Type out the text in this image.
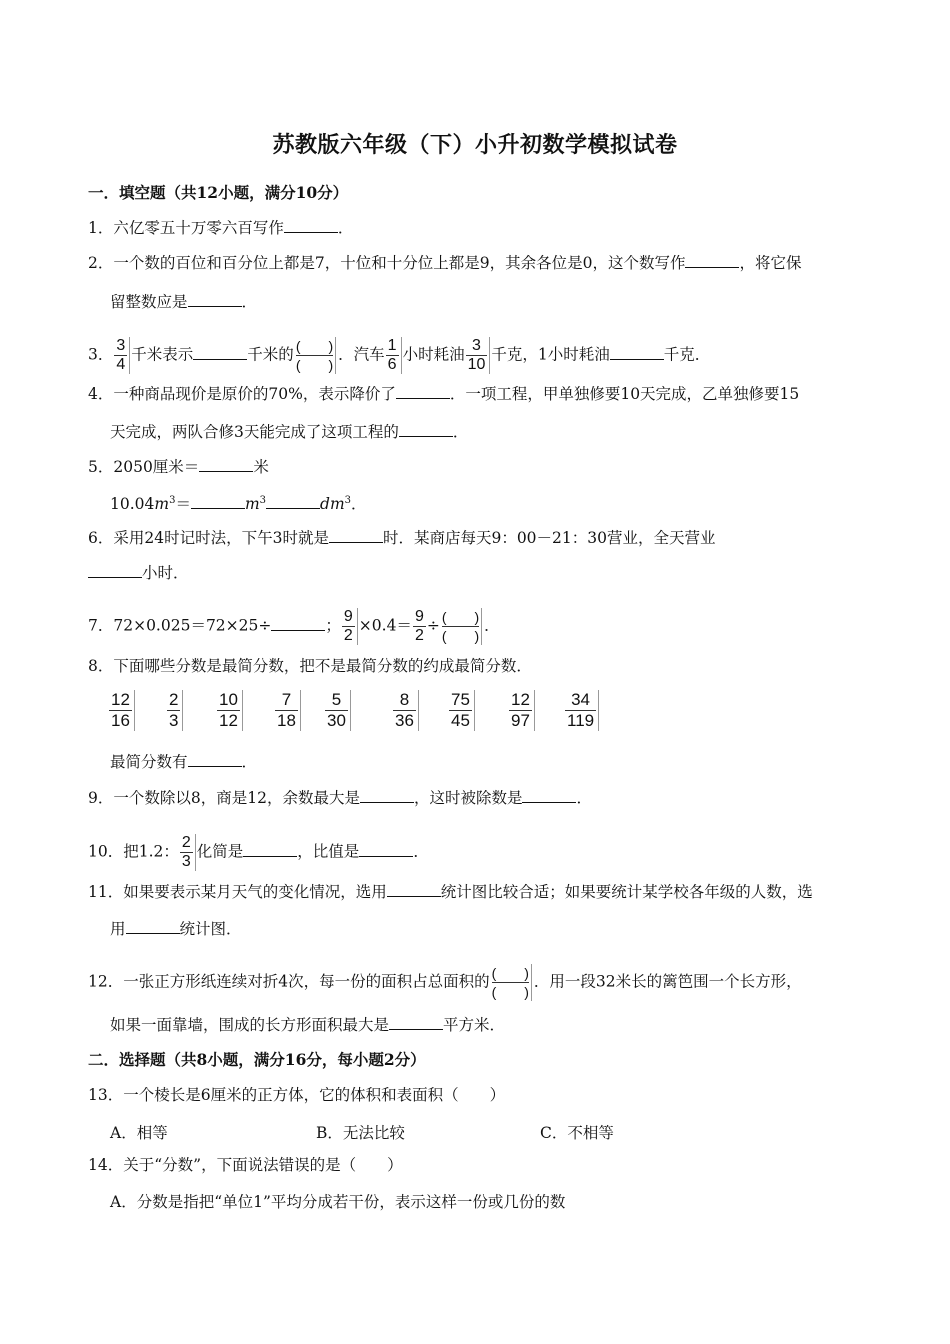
苏教版六年级（下）小升初数学模拟试卷
一．填空题（共12小题，满分10分）
1．六亿零五十万零六百写作	．
2．一个数的百位和百分位上都是7，十位和十分位上都是9，其余各位是0，这个数写作	，将它保
留整数应是	．
3． $\frac{3}{4}$ 千米表示	千米的 (　　)
(　　)
．汽车 $\frac{1}{6}$ 小时耗油 $\frac{3}{10}$ 千克，1小时耗油	千克．
4．一种商品现价是原价的70%，表示降价了	．一项工程，甲单独修要10天完成，乙单独修要15
天完成，两队合修3天能完成了这项工程的	．
5．2050厘米＝	米
$10.04m^3=$	$m^3$	$dm^3$．
6．采用24时记时法，下午3时就是	时．某商店每天9：00－21：30营业，全天营业
小时．
7．72×0.025＝72×25÷	； $\frac{9}{2} \times 0.4= \frac{9}{2}$ ÷ (　　)
(　　)
．
8．下面哪些分数是最简分数，把不是最简分数的约成最简分数．
$\frac{12}{16} \frac{2}{3} \frac{10}{12} \frac{7}{18} \frac{5}{30} \frac{8}{36} \frac{75}{45} \frac{12}{97} \frac{34}{119}$
最简分数有	．
9．一个数除以8，商是12，余数最大是	，这时被除数是	．
10．把1.2： $\frac{2}{3}$ 化简是	，比值是	．
11．如果要表示某月天气的变化情况，选用	统计图比较合适；如果要统计某学校各年级的人数，选
用	统计图．
12．一张正方形纸连续对折4次，每一份的面积占总面积的 (　　)
(　　)
．用一段32米长的篱笆围一个长方形，
如果一面靠墙，围成的长方形面积最大是	平方米．
二．选择题（共8小题，满分16分，每小题2分）
13．一个棱长是6厘米的正方体，它的体积和表面积（　　）
A．相等	B．无法比较	C．不相等
14．关于“分数”，下面说法错误的是（　　）
A．分数是指把“单位1”平均分成若干份，表示这样一份或几份的数
